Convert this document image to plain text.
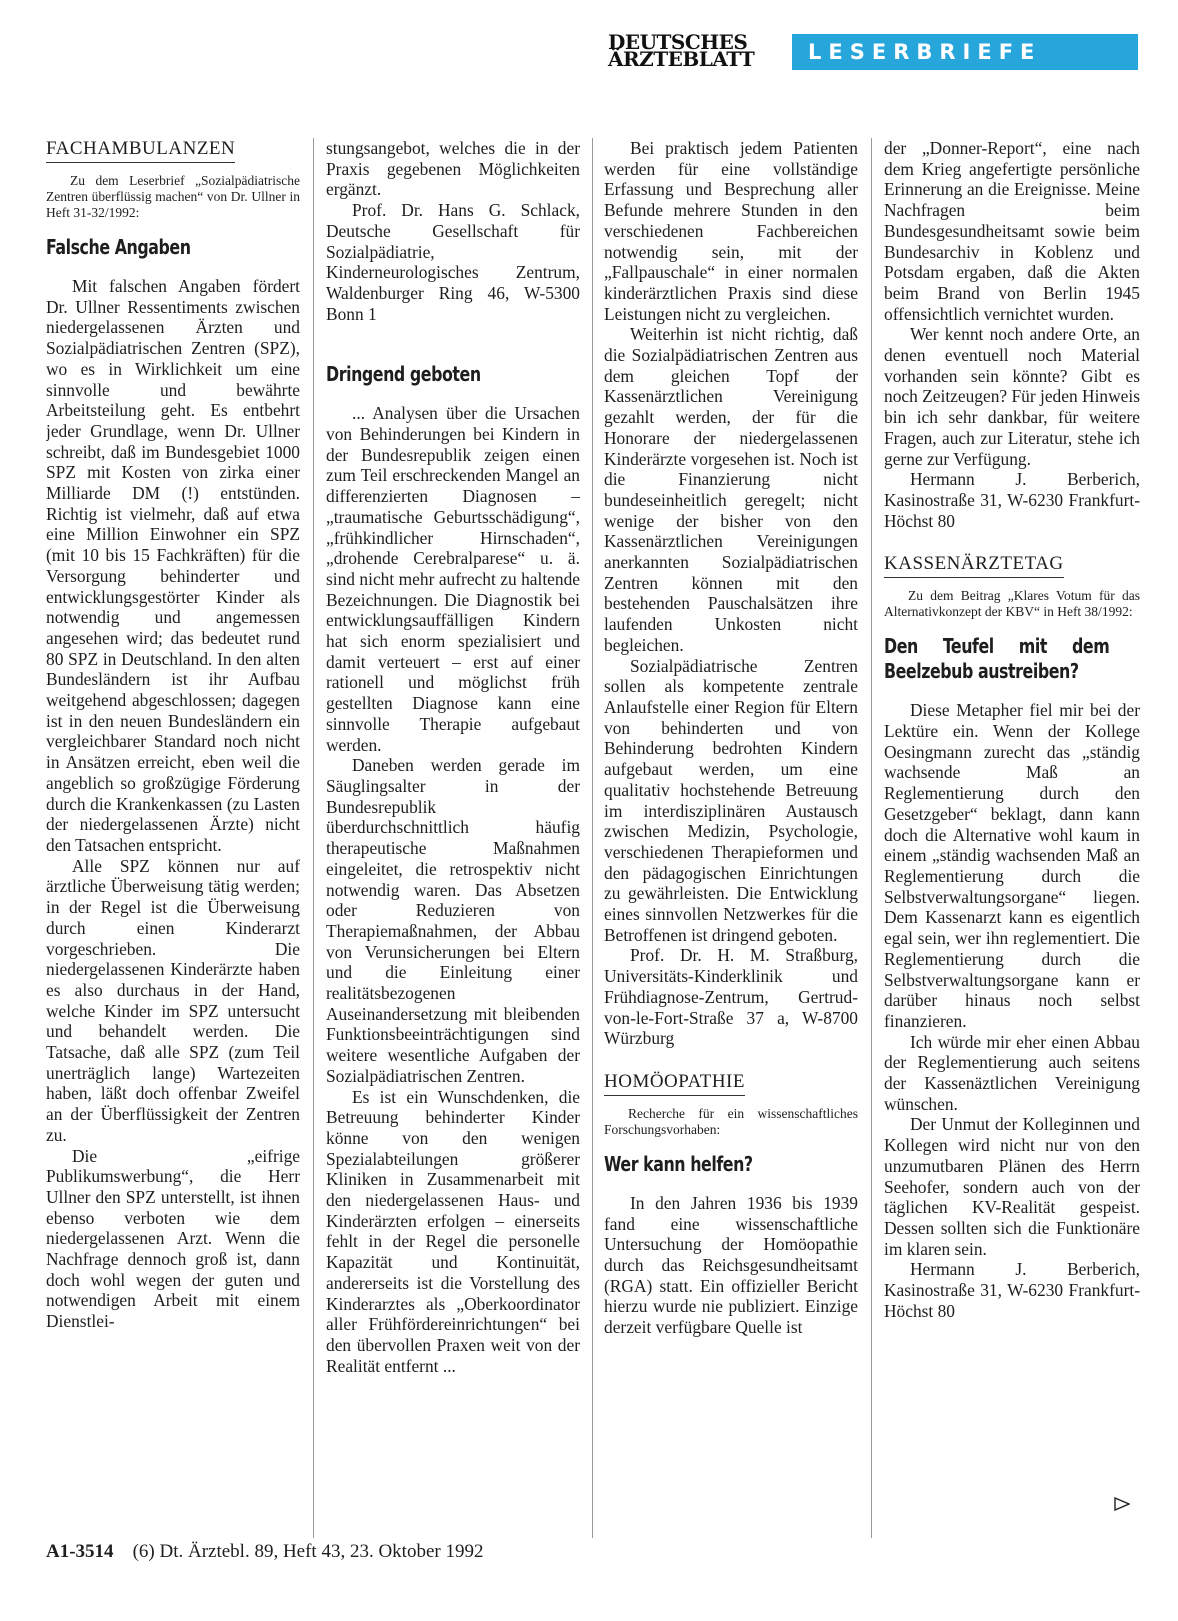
DEUTSCHES
ÄRZTEBLATT	LESERBRIEFE
FACHAMBULANZEN
Zu dem Leserbrief „Sozialpädiatrische Zentren überflüssig machen“ von Dr. Ullner in Heft 31-32/1992:
Falsche Angaben

Mit falschen Angaben fördert Dr. Ullner Ressentiments zwischen niedergelassenen Ärzten und Sozialpädiatrischen Zentren (SPZ), wo es in Wirklichkeit um eine sinnvolle und bewährte Arbeitsteilung geht. Es entbehrt jeder Grundlage, wenn Dr. Ullner schreibt, daß im Bundesgebiet 1000 SPZ mit Kosten von zirka einer Milliarde DM (!) entstünden. Richtig ist vielmehr, daß auf etwa eine Million Einwohner ein SPZ (mit 10 bis 15 Fachkräften) für die Versorgung behinderter und entwicklungsgestörter Kinder als notwendig und angemessen angesehen wird; das bedeutet rund 80 SPZ in Deutschland. In den alten Bundesländern ist ihr Aufbau weitgehend abgeschlossen; dagegen ist in den neuen Bundesländern ein vergleichbarer Standard noch nicht in Ansätzen erreicht, eben weil die angeblich so großzügige Förderung durch die Krankenkassen (zu Lasten der niedergelassenen Ärzte) nicht den Tatsachen entspricht.

Alle SPZ können nur auf ärztliche Überweisung tätig werden; in der Regel ist die Überweisung durch einen Kinderarzt vorgeschrieben. Die niedergelassenen Kinderärzte haben es also durchaus in der Hand, welche Kinder im SPZ untersucht und behandelt werden. Die Tatsache, daß alle SPZ (zum Teil unerträglich lange) Wartezeiten haben, läßt doch offenbar Zweifel an der Überflüssigkeit der Zentren zu.

Die „eifrige Publikumswerbung“, die Herr Ullner den SPZ unterstellt, ist ihnen ebenso verboten wie dem niedergelassenen Arzt. Wenn die Nachfrage dennoch groß ist, dann doch wohl wegen der guten und notwendigen Arbeit mit einem Dienstlei-

stungsangebot, welches die in der Praxis gegebenen Möglichkeiten ergänzt.

Prof. Dr. Hans G. Schlack, Deutsche Gesellschaft für Sozialpädiatrie, Kinderneurologisches Zentrum, Waldenburger Ring 46, W-5300 Bonn 1

Dringend geboten

... Analysen über die Ursachen von Behinderungen bei Kindern in der Bundesrepublik zeigen einen zum Teil erschreckenden Mangel an differenzierten Diagnosen – „traumatische Geburtsschädigung“, „frühkindlicher Hirnschaden“, „drohende Cerebralparese“ u. ä. sind nicht mehr aufrecht zu haltende Bezeichnungen. Die Diagnostik bei entwicklungsauffälligen Kindern hat sich enorm spezialisiert und damit verteuert – erst auf einer rationell und möglichst früh gestellten Diagnose kann eine sinnvolle Therapie aufgebaut werden.

Daneben werden gerade im Säuglingsalter in der Bundesrepublik überdurchschnittlich häufig therapeutische Maßnahmen eingeleitet, die retrospektiv nicht notwendig waren. Das Absetzen oder Reduzieren von Therapiemaßnahmen, der Abbau von Verunsicherungen bei Eltern und die Einleitung einer realitätsbezogenen Auseinandersetzung mit bleibenden Funktionsbeeinträchtigungen sind weitere wesentliche Aufgaben der Sozialpädiatrischen Zentren.

Es ist ein Wunschdenken, die Betreuung behinderter Kinder könne von den wenigen Spezialabteilungen größerer Kliniken in Zusammenarbeit mit den niedergelassenen Haus- und Kinderärzten erfolgen – einerseits fehlt in der Regel die personelle Kapazität und Kontinuität, andererseits ist die Vorstellung des Kinderarztes als „Oberkoordinator aller Frühfördereinrichtungen“ bei den übervollen Praxen weit von der Realität entfernt ...

Bei praktisch jedem Patienten werden für eine vollständige Erfassung und Besprechung aller Befunde mehrere Stunden in den verschiedenen Fachbereichen notwendig sein, mit der „Fallpauschale“ in einer normalen kinderärztlichen Praxis sind diese Leistungen nicht zu vergleichen.

Weiterhin ist nicht richtig, daß die Sozialpädiatrischen Zentren aus dem gleichen Topf der Kassenärztlichen Vereinigung gezahlt werden, der für die Honorare der niedergelassenen Kinderärzte vorgesehen ist. Noch ist die Finanzierung nicht bundeseinheitlich geregelt; nicht wenige der bisher von den Kassenärztlichen Vereinigungen anerkannten Sozialpädiatrischen Zentren können mit den bestehenden Pauschalsätzen ihre laufenden Unkosten nicht begleichen.

Sozialpädiatrische Zentren sollen als kompetente zentrale Anlaufstelle einer Region für Eltern von behinderten und von Behinderung bedrohten Kindern aufgebaut werden, um eine qualitativ hochstehende Betreuung im interdisziplinären Austausch zwischen Medizin, Psychologie, verschiedenen Therapieformen und den pädagogischen Einrichtungen zu gewährleisten. Die Entwicklung eines sinnvollen Netzwerkes für die Betroffenen ist dringend geboten.

Prof. Dr. H. M. Straßburg, Universitäts-Kinderklinik und Frühdiagnose-Zentrum, Gertrud-von-le-Fort-Straße 37 a, W-8700 Würzburg

HOMÖOPATHIE
Recherche für ein wissenschaftliches Forschungsvorhaben:
Wer kann helfen?

In den Jahren 1936 bis 1939 fand eine wissenschaftliche Untersuchung der Homöopathie durch das Reichsgesundheitsamt (RGA) statt. Ein offizieller Bericht hierzu wurde nie publiziert. Einzige derzeit verfügbare Quelle ist

der „Donner-Report“, eine nach dem Krieg angefertigte persönliche Erinnerung an die Ereignisse. Meine Nachfragen beim Bundesgesundheitsamt sowie beim Bundesarchiv in Koblenz und Potsdam ergaben, daß die Akten beim Brand von Berlin 1945 offensichtlich vernichtet wurden.

Wer kennt noch andere Orte, an denen eventuell noch Material vorhanden sein könnte? Gibt es noch Zeitzeugen? Für jeden Hinweis bin ich sehr dankbar, für weitere Fragen, auch zur Literatur, stehe ich gerne zur Verfügung.

Hermann J. Berberich, Kasinostraße 31, W-6230 Frankfurt-Höchst 80

KASSENÄRZTETAG
Zu dem Beitrag „Klares Votum für das Alternativkonzept der KBV“ in Heft 38/1992:
Den Teufel mit dem Beelzebub austreiben?

Diese Metapher fiel mir bei der Lektüre ein. Wenn der Kollege Oesingmann zurecht das „ständig wachsende Maß an Reglementierung durch den Gesetzgeber“ beklagt, dann kann doch die Alternative wohl kaum in einem „ständig wachsenden Maß an Reglementierung durch die Selbstverwaltungsorgane“ liegen. Dem Kassenarzt kann es eigentlich egal sein, wer ihn reglementiert. Die Reglementierung durch die Selbstverwaltungsorgane kann er darüber hinaus noch selbst finanzieren.

Ich würde mir eher einen Abbau der Reglementierung auch seitens der Kassenäztlichen Vereinigung wünschen.

Der Unmut der Kolleginnen und Kollegen wird nicht nur von den unzumutbaren Plänen des Herrn Seehofer, sondern auch von der täglichen KV-Realität gespeist. Dessen sollten sich die Funktionäre im klaren sein.

Hermann J. Berberich, Kasinostraße 31, W-6230 Frankfurt-Höchst 80

A1-3514 (6) Dt. Ärztebl. 89, Heft 43, 23. Oktober 1992
